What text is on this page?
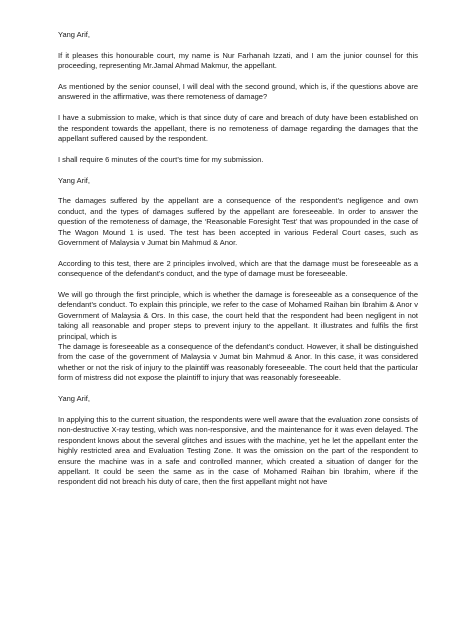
Yang Arif,

If it pleases this honourable court, my name is Nur Farhanah Izzati, and I am the junior counsel for this proceeding, representing Mr.Jamal Ahmad Makmur, the appellant.

As mentioned by the senior counsel, I will deal with the second ground, which is, if the questions above are answered in the affirmative, was there remoteness of damage?

I have a submission to make, which is that since duty of care and breach of duty have been established on the respondent towards the appellant, there is no remoteness of damage regarding the damages that the appellant suffered caused by the respondent.

I shall require 6 minutes of the court’s time for my submission.

Yang Arif,

The damages suffered by the appellant are a consequence of the respondent's negligence and own conduct, and the types of damages suffered by the appellant are foreseeable. In order to answer the question of the remoteness of damage, the ‘Reasonable Foresight Test’ that was propounded in the case of The Wagon Mound 1 is used. The test has been accepted in various Federal Court cases, such as Government of Malaysia v Jumat bin Mahmud & Anor.

According to this test, there are 2 principles involved, which are that the damage must be foreseeable as a consequence of the defendant’s conduct, and the type of damage must be foreseeable.

We will go through the first principle, which is whether the damage is foreseeable as a consequence of the defendant’s conduct. To explain this principle, we refer to the case of Mohamed Raihan bin Ibrahim & Anor v Government of Malaysia & Ors. In this case, the court held that the respondent had been negligent in not taking all reasonable and proper steps to prevent injury to the appellant. It illustrates and fulfils the first principal, which is

The damage is foreseeable as a consequence of the defendant’s conduct. However, it shall be distinguished from the case of the government of Malaysia v Jumat bin Mahmud & Anor. In this case, it was considered whether or not the risk of injury to the plaintiff was reasonably foreseeable. The court held that the particular form of mistress did not expose the plaintiff to injury that was reasonably foreseeable.

Yang Arif,

In applying this to the current situation, the respondents were well aware that the evaluation zone consists of non-destructive X-ray testing, which was non-responsive, and the maintenance for it was even delayed. The respondent knows about the several glitches and issues with the machine, yet he let the appellant enter the highly restricted area and Evaluation Testing Zone. It was the omission on the part of the respondent to ensure the machine was in a safe and controlled manner, which created a situation of danger for the appellant. It could be seen the same as in the case of Mohamed Raihan bin Ibrahim, where if the respondent did not breach his duty of care, then the first appellant might not have
